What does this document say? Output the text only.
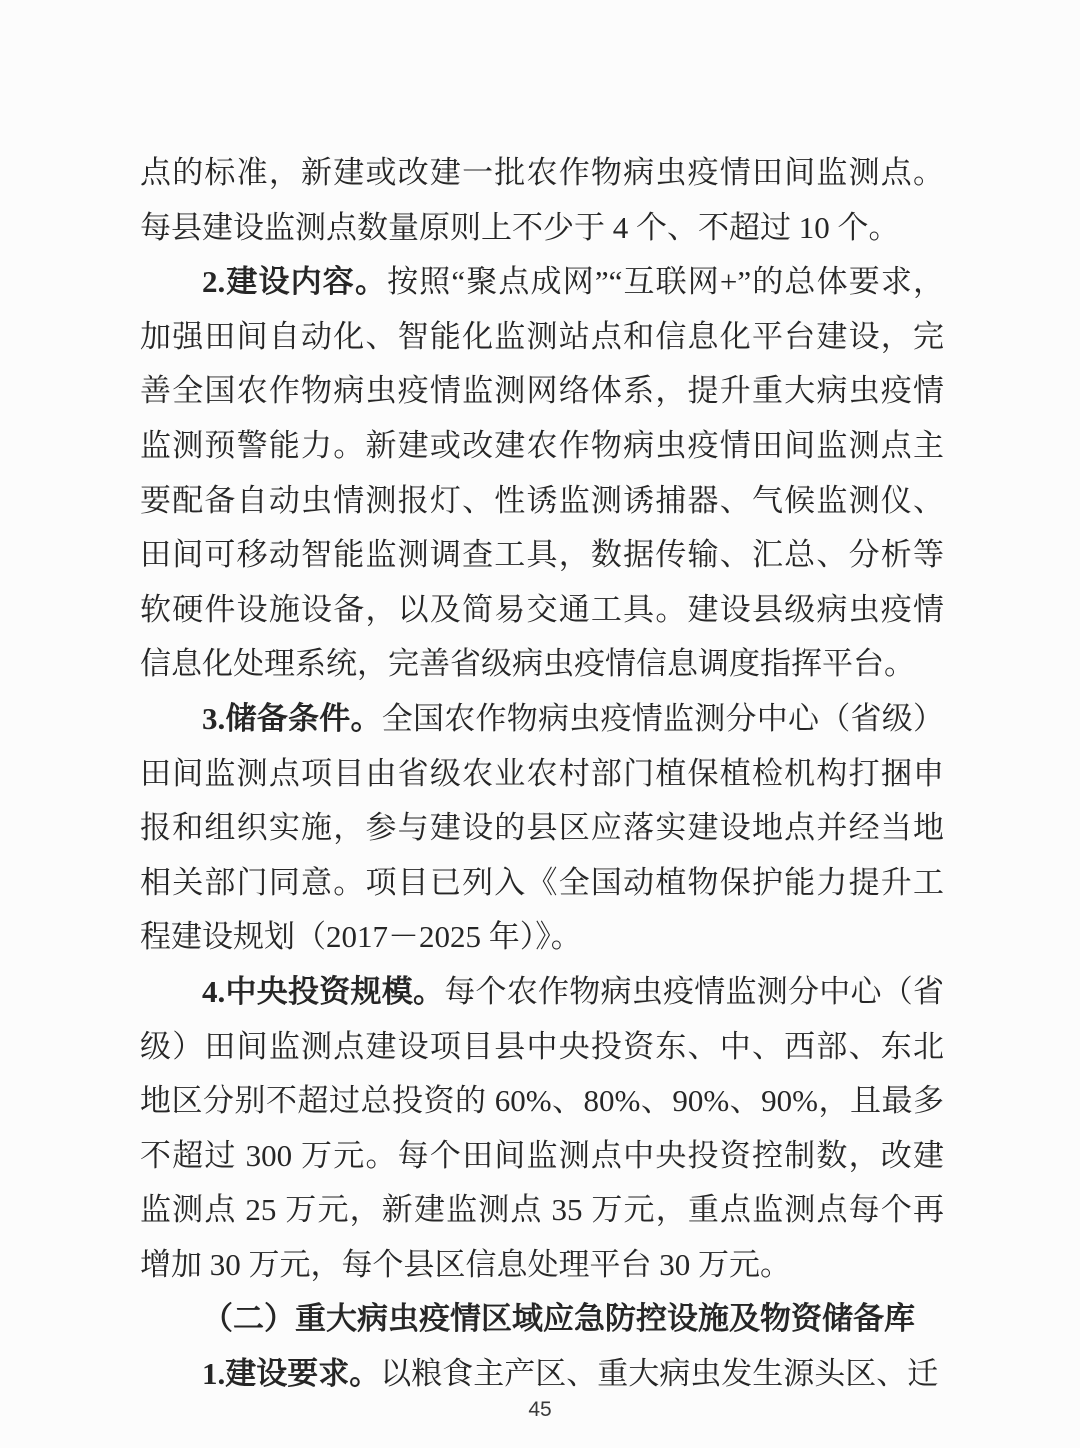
点的标准，新建或改建一批农作物病虫疫情田间监测点。每县建设监测点数量原则上不少于 4 个、不超过 10 个。

2.建设内容。按照“聚点成网”“互联网+”的总体要求，加强田间自动化、智能化监测站点和信息化平台建设，完善全国农作物病虫疫情监测网络体系，提升重大病虫疫情监测预警能力。新建或改建农作物病虫疫情田间监测点主要配备自动虫情测报灯、性诱监测诱捕器、气候监测仪、田间可移动智能监测调查工具，数据传输、汇总、分析等软硬件设施设备，以及简易交通工具。建设县级病虫疫情信息化处理系统，完善省级病虫疫情信息调度指挥平台。

3.储备条件。全国农作物病虫疫情监测分中心（省级）田间监测点项目由省级农业农村部门植保植检机构打捆申报和组织实施，参与建设的县区应落实建设地点并经当地相关部门同意。项目已列入《全国动植物保护能力提升工程建设规划（2017－2025 年）》。

4.中央投资规模。每个农作物病虫疫情监测分中心（省级）田间监测点建设项目县中央投资东、中、西部、东北地区分别不超过总投资的 60%、80%、90%、90%，且最多不超过 300 万元。每个田间监测点中央投资控制数，改建监测点 25 万元，新建监测点 35 万元，重点监测点每个再增加 30 万元，每个县区信息处理平台 30 万元。

（二）重大病虫疫情区域应急防控设施及物资储备库

1.建设要求。以粮食主产区、重大病虫发生源头区、迁

45
